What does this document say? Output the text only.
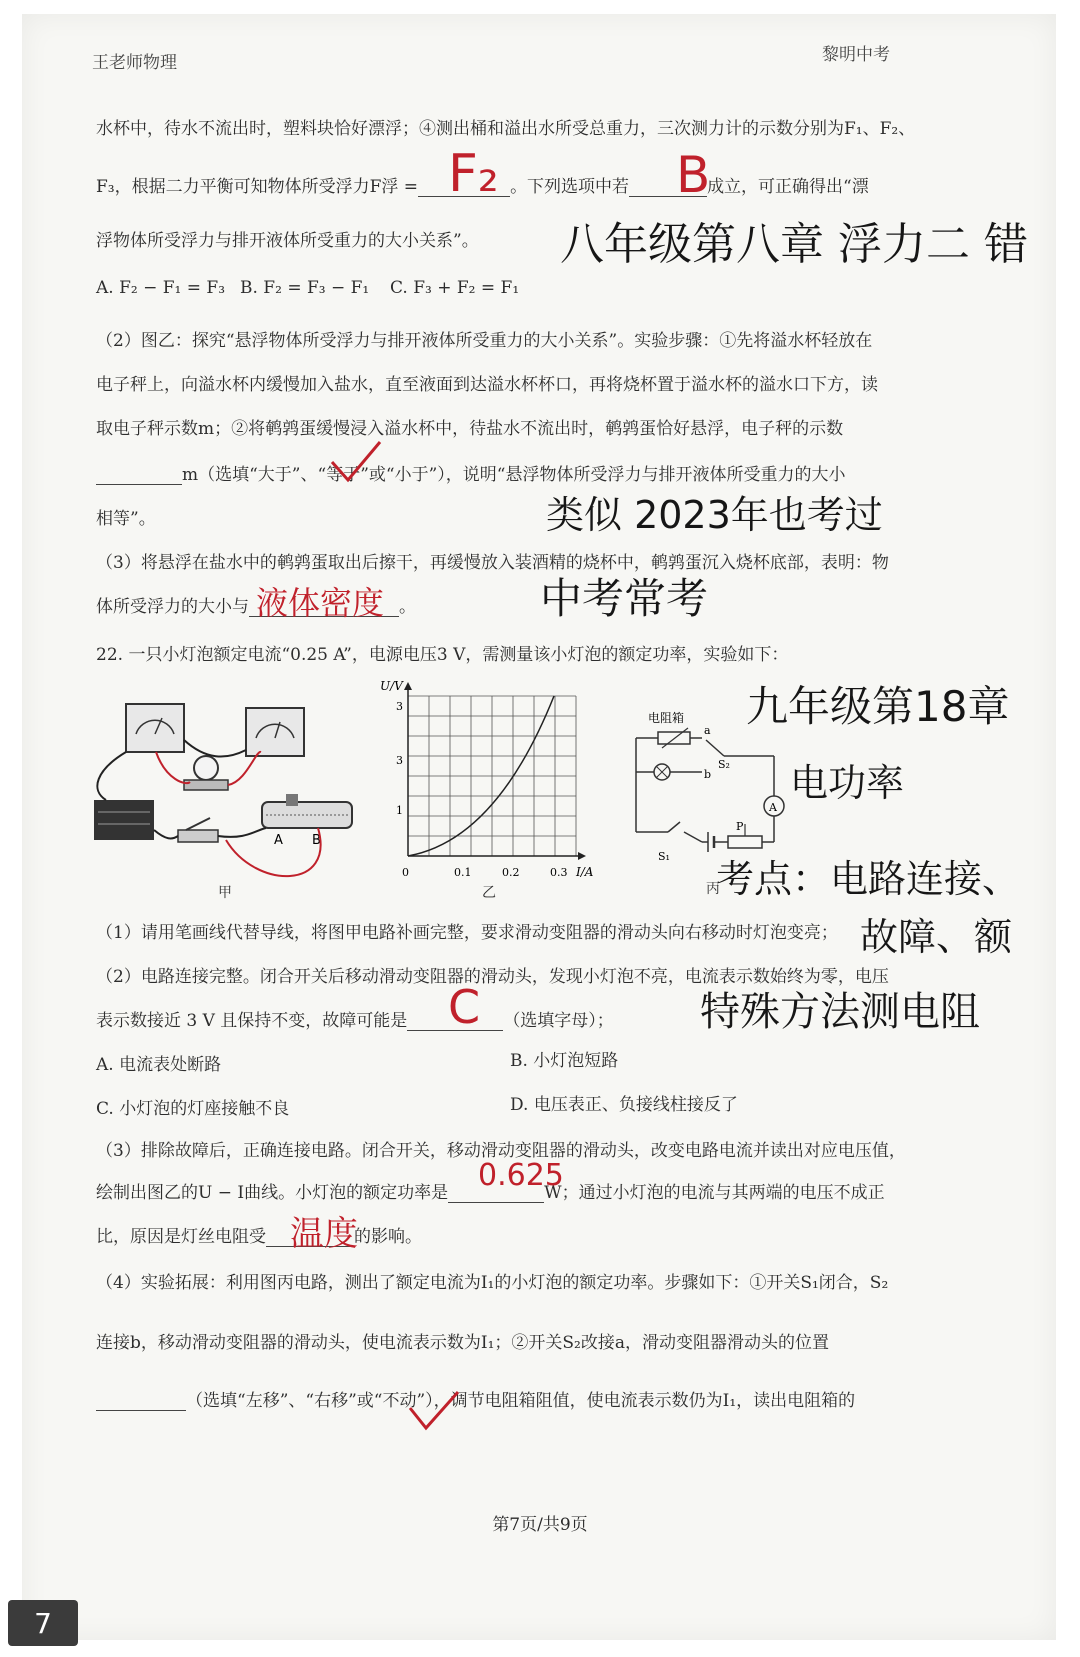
王老师物理	黎明中考
水杯中，待水不流出时，塑料块恰好漂浮；④测出桶和溢出水所受总重力，三次测力计的示数分别为F₁、F₂、
F₃，根据二力平衡可知物体所受浮力F浮 =	。下列选项中若	成立，可正确得出“漂
浮物体所受浮力与排开液体所受重力的大小关系”。
A. F₂ − F₁ = F₃ B. F₂ = F₃ − F₁ C. F₃ + F₂ = F₁
（2）图乙：探究“悬浮物体所受浮力与排开液体所受重力的大小关系”。实验步骤：①先将溢水杯轻放在
电子秤上，向溢水杯内缓慢加入盐水，直至液面到达溢水杯杯口，再将烧杯置于溢水杯的溢水口下方，读
取电子秤示数m；②将鹌鹑蛋缓慢浸入溢水杯中，待盐水不流出时，鹌鹑蛋恰好悬浮，电子秤的示数
m（选填“大于”、“等于”或“小于”），说明“悬浮物体所受浮力与排开液体所受重力的大小
相等”。
（3）将悬浮在盐水中的鹌鹑蛋取出后擦干，再缓慢放入装酒精的烧杯中，鹌鹑蛋沉入烧杯底部，表明：物
体所受浮力的大小与	。
22. 一只小灯泡额定电流“0.25 A”，电源电压3 V，需测量该小灯泡的额定功率，实验如下：
A B
甲
U/V
I/A
3
3
1
0	0.1	0.2	0.3
乙
电阻箱
a
b
S₂
A
S₁
P
丙
（1）请用笔画线代替导线，将图甲电路补画完整，要求滑动变阻器的滑动头向右移动时灯泡变亮；
（2）电路连接完整。闭合开关后移动滑动变阻器的滑动头，发现小灯泡不亮，电流表示数始终为零，电压
表示数接近 3 V 且保持不变，故障可能是	（选填字母）；
A. 电流表处断路	B. 小灯泡短路
C. 小灯泡的灯座接触不良	D. 电压表正、负接线柱接反了
（3）排除故障后，正确连接电路。闭合开关，移动滑动变阻器的滑动头，改变电路电流并读出对应电压值，
绘制出图乙的U − I曲线。小灯泡的额定功率是	W；通过小灯泡的电流与其两端的电压不成正
比，原因是灯丝电阻受	的影响。
（4）实验拓展：利用图丙电路，测出了额定电流为I₁的小灯泡的额定功率。步骤如下：①开关S₁闭合，S₂
连接b，移动滑动变阻器的滑动头，使电流表示数为I₁；②开关S₂改接a，滑动变阻器滑动头的位置
（选填“左移”、“右移”或“不动”），调节电阻箱阻值，使电流表示数仍为I₁，读出电阻箱的
F₂	B
八年级第八章 浮力二 错
类似 2023年也考过
液体密度	中考常考
九年级第18章
电功率
考点：电路连接、
故障、额
特殊方法测电阻
C
0.625
温度
第7页/共9页
7
